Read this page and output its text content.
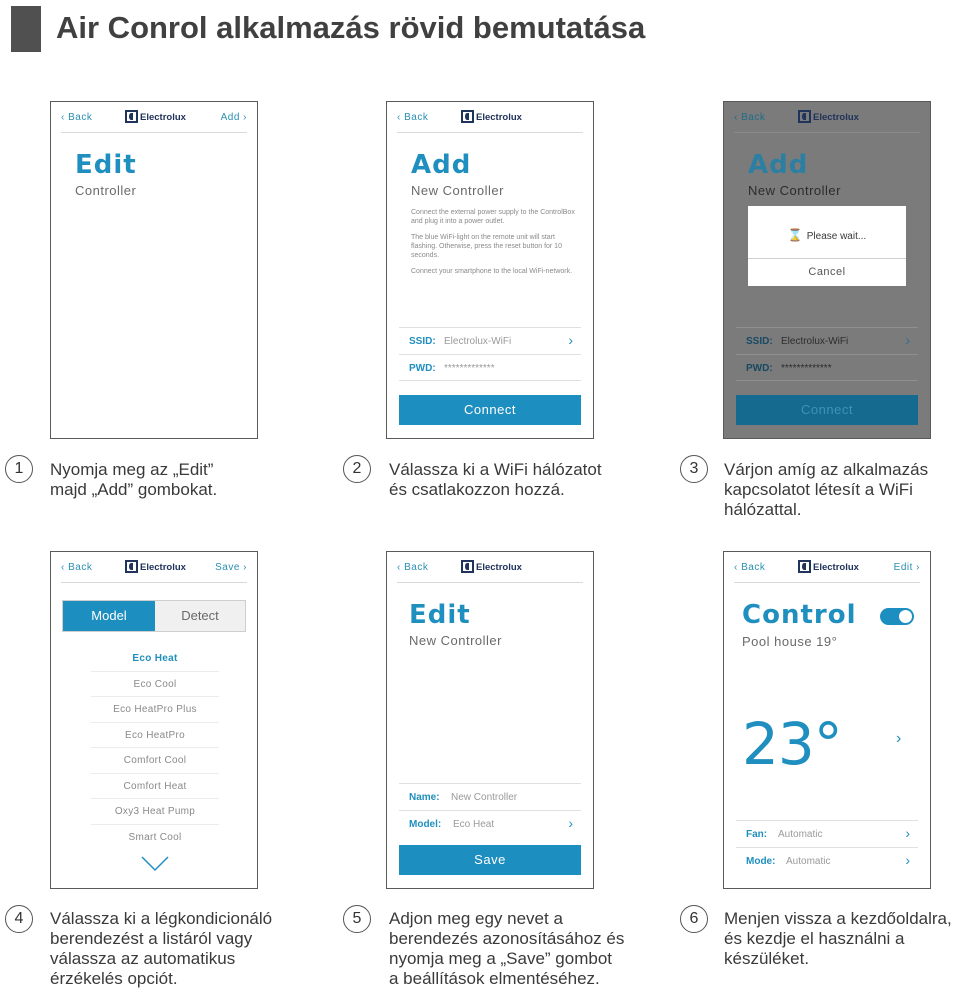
Air Conrol alkalmazás rövid bemutatása
‹ Back	Electrolux	Add ›
Edit
Controller
‹ Back	Electrolux
Add
New Controller
Connect the external power supply to the ControlBox and plug it into a power outlet.
The blue WiFi-light on the remote unit will start flashing. Otherwise, press the reset button for 10 seconds.
Connect your smartphone to the local WiFi-network.
SSID: Electrolux-WiFi	›
PWD: *************
Connect
‹ Back	Electrolux
Add
New Controller
⌛ Please wait...
Cancel
SSID: Electrolux-WiFi	›
PWD: *************
Connect
1	Nyomja meg az „Edit”
majd „Add” gombokat.
2	Válassza ki a WiFi hálózatot
és csatlakozzon hozzá.
3	Várjon amíg az alkalmazás
kapcsolatot létesít a WiFi
hálózattal.
‹ Back	Electrolux	Save ›
Model	Detect
Eco Heat
Eco Cool
Eco HeatPro Plus
Eco HeatPro
Comfort Cool
Comfort Heat
Oxy3 Heat Pump
Smart Cool
‹ Back	Electrolux
Edit
New Controller
Name: New Controller
Model: Eco Heat	›
Save
‹ Back	Electrolux	Edit ›
Control
Pool house 19°
23°	›
Fan: Automatic	›
Mode: Automatic	›
4	Válassza ki a légkondicionáló
berendezést a listáról vagy
válassza az automatikus
érzékelés opciót.
5	Adjon meg egy nevet a
berendezés azonosításához és
nyomja meg a „Save” gombot
a beállítások elmentéséhez.
6	Menjen vissza a kezdőoldalra,
és kezdje el használni a
készüléket.
